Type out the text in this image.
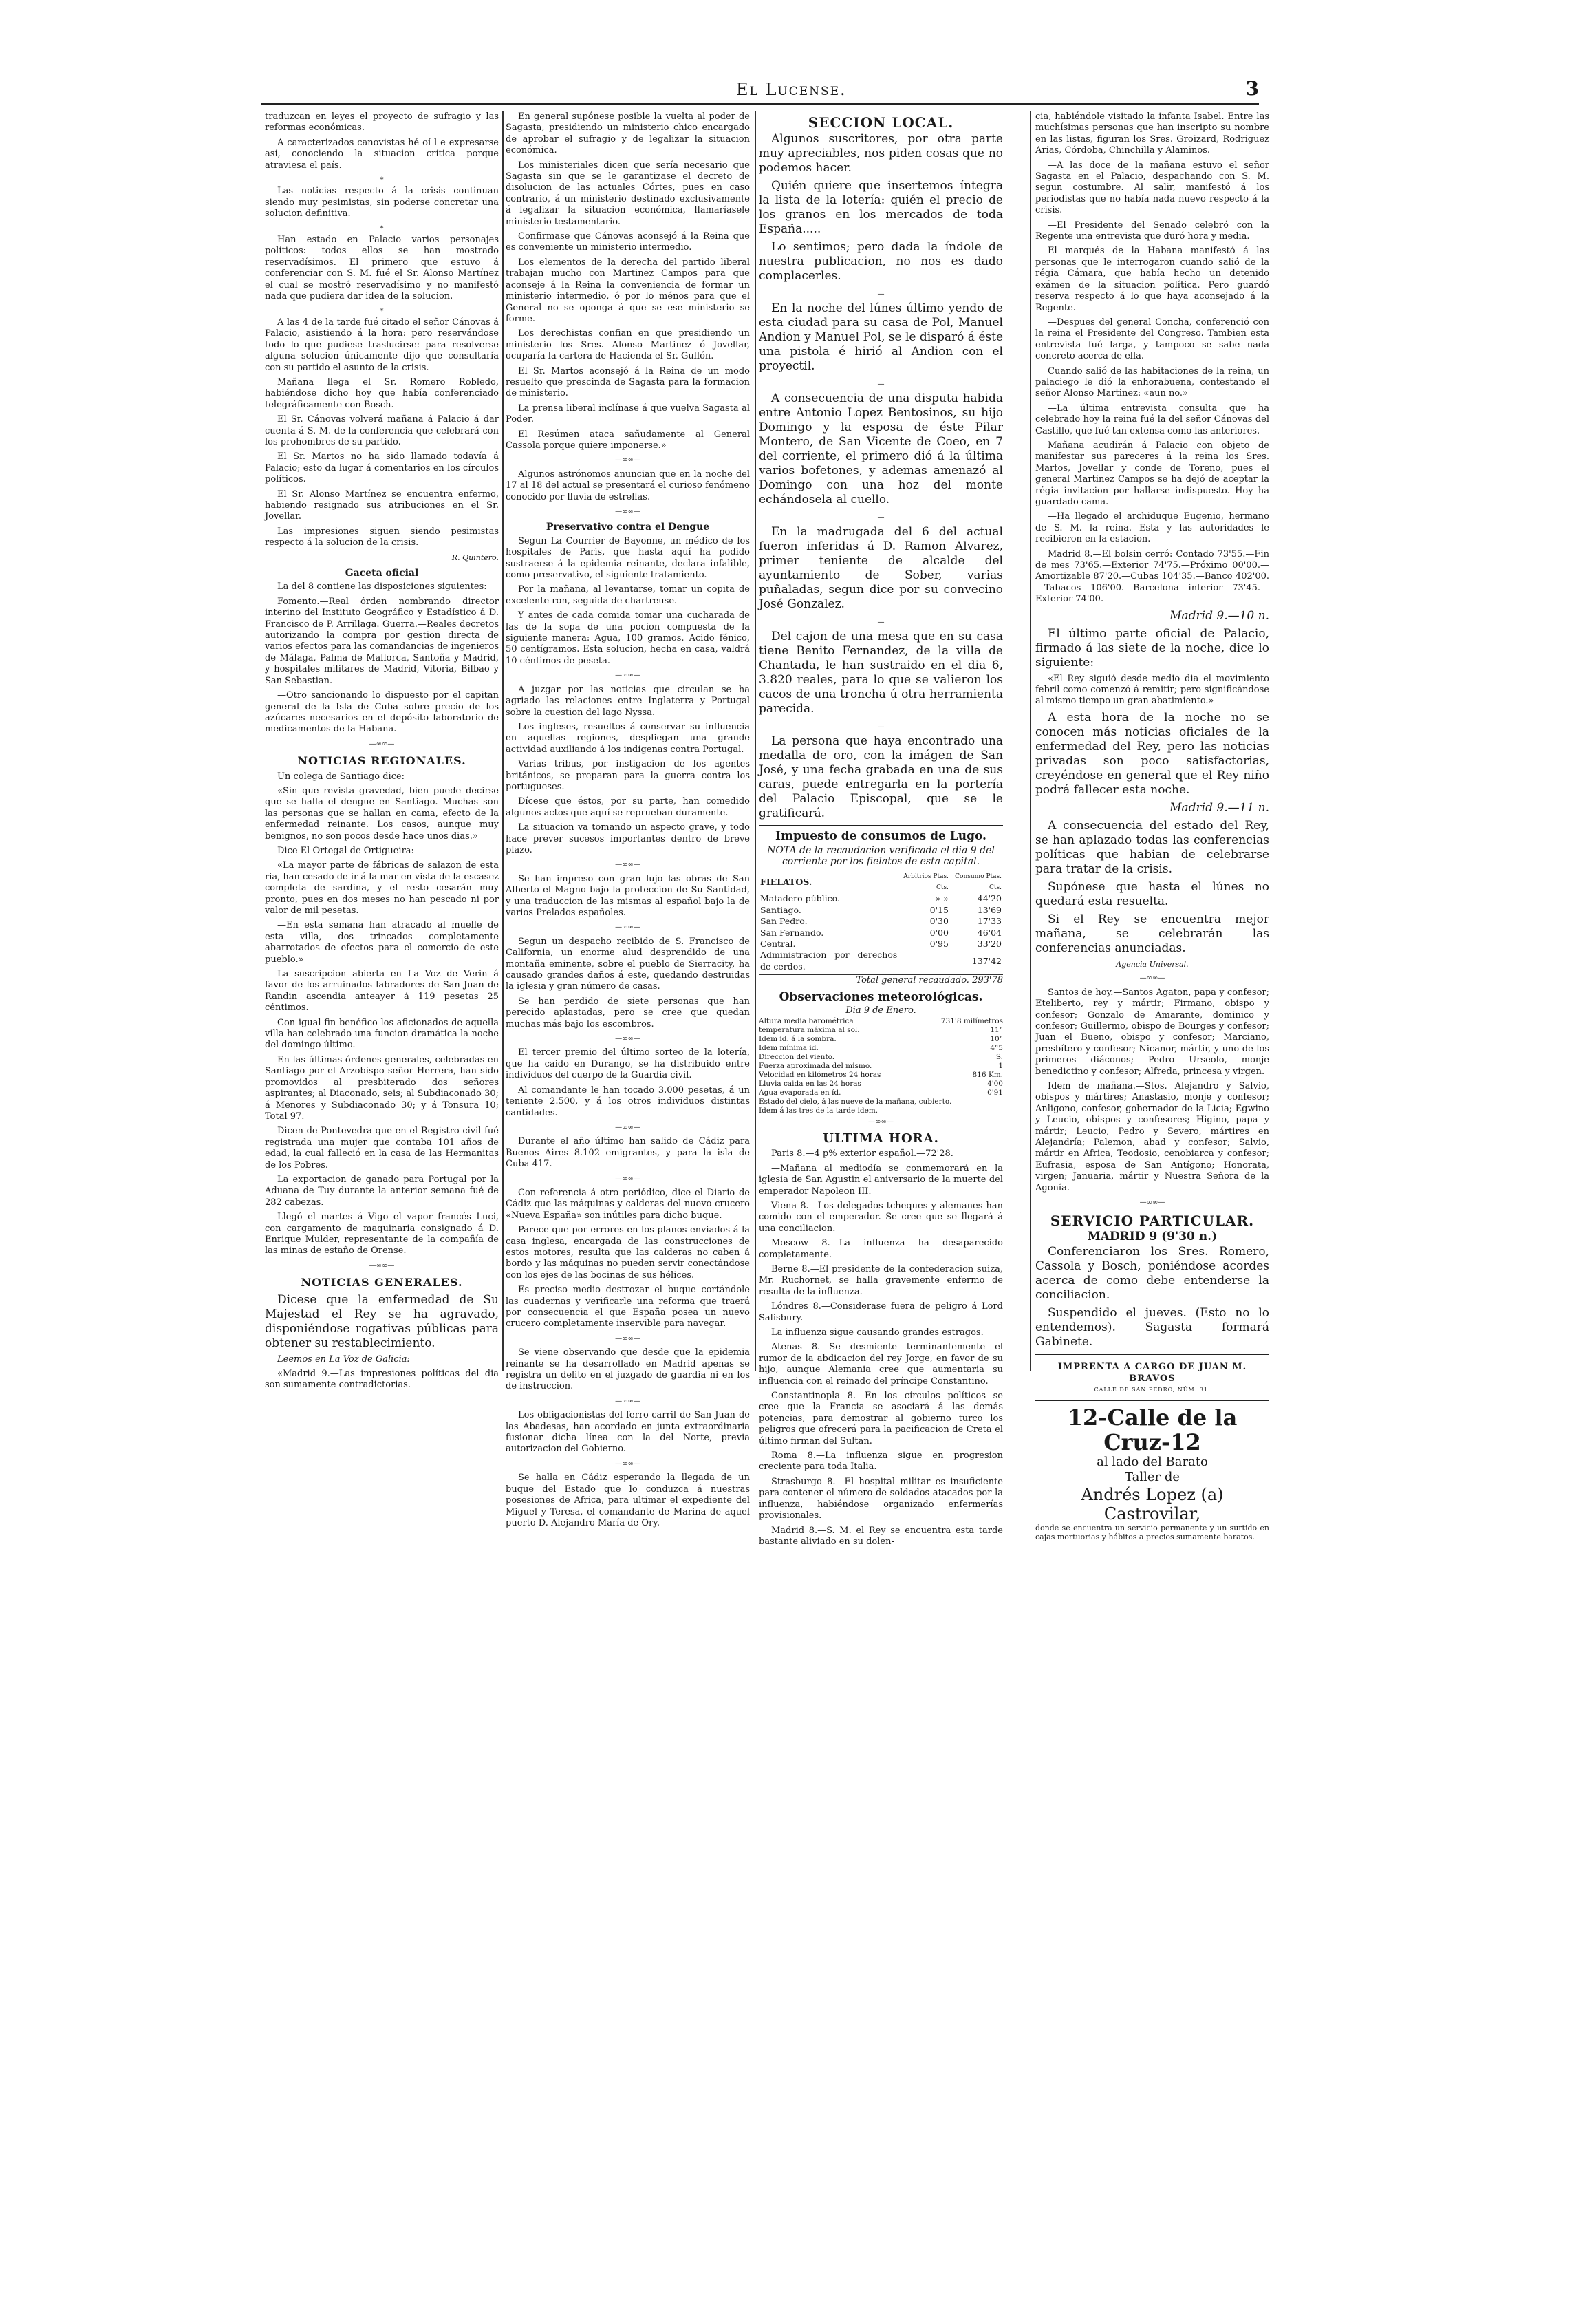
El Lucense.	3

traduzcan en leyes el proyecto de sufragio y las reformas económicas.

A caracterizados canovistas hé oí l e expresarse así, conociendo la situacion crítica porque atraviesa el país.

*

Las noticias respecto á la crisis continuan siendo muy pesimistas, sin poderse concretar una solucion definitiva.

*

Han estado en Palacio varios personajes políticos: todos ellos se han mostrado reservadísimos. El primero que estuvo á conferenciar con S. M. fué el Sr. Alonso Martínez el cual se mostró reservadísimo y no manifestó nada que pudiera dar idea de la solucion.

*

A las 4 de la tarde fué citado el señor Cánovas á Palacio, asistiendo á la hora: pero reservándose todo lo que pudiese traslucirse: para resolverse alguna solucion únicamente dijo que consultaría con su partido el asunto de la crisis.

Mañana llega el Sr. Romero Robledo, habiéndose dicho hoy que había conferenciado telegráficamente con Bosch.

El Sr. Cánovas volverá mañana á Palacio á dar cuenta á S. M. de la conferencia que celebrará con los prohombres de su partido.

El Sr. Martos no ha sido llamado todavía á Palacio; esto da lugar á comentarios en los círculos políticos.

El Sr. Alonso Martínez se encuentra enfermo, habiendo resignado sus atribuciones en el Sr. Jovellar.

Las impresiones siguen siendo pesimistas respecto á la solucion de la crisis.

R. Quintero.
Gaceta oficial

La del 8 contiene las disposiciones siguientes:

Fomento.—Real órden nombrando director interino del Instituto Geográfico y Estadístico á D. Francisco de P. Arrillaga. Guerra.—Reales decretos autorizando la compra por gestion directa de varios efectos para las comandancias de ingenieros de Málaga, Palma de Mallorca, Santoña y Madrid, y hospitales militares de Madrid, Vitoria, Bilbao y San Sebastian.

—Otro sancionando lo dispuesto por el capitan general de la Isla de Cuba sobre precio de los azúcares necesarios en el depósito laboratorio de medicamentos de la Habana.

—∞∞—
NOTICIAS REGIONALES.

Un colega de Santiago dice:

«Sin que revista gravedad, bien puede decirse que se halla el dengue en Santiago. Muchas son las personas que se hallan en cama, efecto de la enfermedad reinante. Los casos, aunque muy benignos, no son pocos desde hace unos dias.»

Dice El Ortegal de Ortigueira:

«La mayor parte de fábricas de salazon de esta ria, han cesado de ir á la mar en vista de la escasez completa de sardina, y el resto cesarán muy pronto, pues en dos meses no han pescado ni por valor de mil pesetas.

—En esta semana han atracado al muelle de esta villa, dos trincados completamente abarrotados de efectos para el comercio de este pueblo.»

La suscripcion abierta en La Voz de Verin á favor de los arruinados labradores de San Juan de Randin ascendia anteayer á 119 pesetas 25 céntimos.

Con igual fin benéfico los aficionados de aquella villa han celebrado una funcion dramática la noche del domingo último.

En las últimas órdenes generales, celebradas en Santiago por el Arzobispo señor Herrera, han sido promovidos al presbiterado dos señores aspirantes; al Diaconado, seis; al Subdiaconado 30; á Menores y Subdiaconado 30; y á Tonsura 10; Total 97.

Dicen de Pontevedra que en el Registro civil fué registrada una mujer que contaba 101 años de edad, la cual falleció en la casa de las Hermanitas de los Pobres.

La exportacion de ganado para Portugal por la Aduana de Tuy durante la anterior semana fué de 282 cabezas.

Llegó el martes á Vigo el vapor francés Luci, con cargamento de maquinaria consignado á D. Enrique Mulder, representante de la compañía de las minas de estaño de Orense.

—∞∞—
NOTICIAS GENERALES.

Dicese que la enfermedad de Su Majestad el Rey se ha agravado, disponiéndose rogativas públicas para obtener su restablecimiento.

Leemos en La Voz de Galicia:

«Madrid 9.—Las impresiones políticas del dia son sumamente contradictorias.

En general supónese posible la vuelta al poder de Sagasta, presidiendo un ministerio chico encargado de aprobar el sufragio y de legalizar la situacion económica.

Los ministeriales dicen que sería necesario que Sagasta sin que se le garantizase el decreto de disolucion de las actuales Córtes, pues en caso contrario, á un ministerio destinado exclusivamente á legalizar la situacion económica, llamaríasele ministerio testamentario.

Confirmase que Cánovas aconsejó á la Reina que es conveniente un ministerio intermedio.

Los elementos de la derecha del partido liberal trabajan mucho con Martinez Campos para que aconseje á la Reina la conveniencia de formar un ministerio intermedio, ó por lo ménos para que el General no se oponga á que se ese ministerio se forme.

Los derechistas confian en que presidiendo un ministerio los Sres. Alonso Martinez ó Jovellar, ocuparía la cartera de Hacienda el Sr. Gullón.

El Sr. Martos aconsejó á la Reina de un modo resuelto que prescinda de Sagasta para la formacion de ministerio.

La prensa liberal inclínase á que vuelva Sagasta al Poder.

El Resúmen ataca sañudamente al General Cassola porque quiere imponerse.»

—∞∞—

Algunos astrónomos anuncian que en la noche del 17 al 18 del actual se presentará el curioso fenómeno conocido por lluvia de estrellas.

—∞∞—
Preservativo contra el Dengue

Segun La Courrier de Bayonne, un médico de los hospitales de Paris, que hasta aquí ha podido sustraerse á la epidemia reinante, declara infalible, como preservativo, el siguiente tratamiento.

Por la mañana, al levantarse, tomar un copita de excelente ron, seguida de chartreuse.

Y antes de cada comida tomar una cucharada de las de la sopa de una pocion compuesta de la siguiente manera: Agua, 100 gramos. Acido fénico, 50 centígramos. Esta solucion, hecha en casa, valdrá 10 céntimos de peseta.

—∞∞—

A juzgar por las noticias que circulan se ha agriado las relaciones entre Inglaterra y Portugal sobre la cuestion del lago Nyssa.

Los ingleses, resueltos á conservar su influencia en aquellas regiones, despliegan una grande actividad auxiliando á los indígenas contra Portugal.

Varias tribus, por instigacion de los agentes británicos, se preparan para la guerra contra los portugueses.

Dícese que éstos, por su parte, han comedido algunos actos que aquí se reprueban duramente.

La situacion va tomando un aspecto grave, y todo hace prever sucesos importantes dentro de breve plazo.

—∞∞—

Se han impreso con gran lujo las obras de San Alberto el Magno bajo la proteccion de Su Santidad, y una traduccion de las mismas al español bajo la de varios Prelados españoles.

—∞∞—

Segun un despacho recibido de S. Francisco de California, un enorme alud desprendido de una montaña eminente, sobre el pueblo de Sierracity, ha causado grandes daños á este, quedando destruidas la iglesia y gran número de casas.

Se han perdido de siete personas que han perecido aplastadas, pero se cree que quedan muchas más bajo los escombros.

—∞∞—

El tercer premio del último sorteo de la lotería, que ha caido en Durango, se ha distribuido entre individuos del cuerpo de la Guardia civil.

Al comandante le han tocado 3.000 pesetas, á un teniente 2.500, y á los otros individuos distintas cantidades.

—∞∞—

Durante el año último han salido de Cádiz para Buenos Aires 8.102 emigrantes, y para la isla de Cuba 417.

—∞∞—

Con referencia á otro periódico, dice el Diario de Cádiz que las máquinas y calderas del nuevo crucero «Nueva España» son inútiles para dicho buque.

Parece que por errores en los planos enviados á la casa inglesa, encargada de las construcciones de estos motores, resulta que las calderas no caben á bordo y las máquinas no pueden servir conectándose con los ejes de las bocinas de sus hélices.

Es preciso medio destrozar el buque cortándole las cuadernas y verificarle una reforma que traerá por consecuencia el que España posea un nuevo crucero completamente inservible para navegar.

—∞∞—

Se viene observando que desde que la epidemia reinante se ha desarrollado en Madrid apenas se registra un delito en el juzgado de guardia ni en los de instruccion.

—∞∞—

Los obligacionistas del ferro-carril de San Juan de las Abadesas, han acordado en junta extraordinaria fusionar dicha línea con la del Norte, previa autorizacion del Gobierno.

—∞∞—

Se halla en Cádiz esperando la llegada de un buque del Estado que lo conduzca á nuestras posesiones de Africa, para ultimar el expediente del Miguel y Teresa, el comandante de Marina de aquel puerto D. Alejandro María de Ory.

SECCION LOCAL.

Algunos suscritores, por otra parte muy apreciables, nos piden cosas que no podemos hacer.

Quién quiere que insertemos íntegra la lista de la lotería: quién el precio de los granos en los mercados de toda España.....

Lo sentimos; pero dada la índole de nuestra publicacion, no nos es dado complacerles.

—

En la noche del lúnes último yendo de esta ciudad para su casa de Pol, Manuel Andion y Manuel Pol, se le disparó á éste una pistola é hirió al Andion con el proyectil.

—

A consecuencia de una disputa habida entre Antonio Lopez Bentosinos, su hijo Domingo y la esposa de éste Pilar Montero, de San Vicente de Coeo, en 7 del corriente, el primero dió á la última varios bofetones, y ademas amenazó al Domingo con una hoz del monte echándosela al cuello.

—

En la madrugada del 6 del actual fueron inferidas á D. Ramon Alvarez, primer teniente de alcalde del ayuntamiento de Sober, varias puñaladas, segun dice por su convecino José Gonzalez.

—

Del cajon de una mesa que en su casa tiene Benito Fernandez, de la villa de Chantada, le han sustraido en el dia 6, 3.820 reales, para lo que se valieron los cacos de una troncha ú otra herramienta parecida.

—

La persona que haya encontrado una medalla de oro, con la imágen de San José, y una fecha grabada en una de sus caras, puede entregarla en la portería del Palacio Episcopal, que se le gratificará.

Impuesto de consumos de Lugo.

NOTA de la recaudacion verificada el dia 9 del corriente por los fielatos de esta capital.

FIELATOS.	Arbitrios Ptas. Cts.	Consumo Ptas. Cts.
Matadero público.	» »	44'20
Santiago.	0'15	13'69
San Pedro.	0'30	17'33
San Fernando.	0'00	46'04
Central.	0'95	33'20
Administracion por derechos de cerdos.		137'42
Total general recaudado. 293'78
Observaciones meteorológicas.
Dia 9 de Enero.
Altura media barométrica	731'8 milímetros
temperatura máxima al sol.	11°
Idem id. á la sombra.	10°
Idem mínima id.	4°5
Direccion del viento.	S.
Fuerza aproximada del mismo.	1
Velocidad en kilómetros 24 horas	816 Km.
Lluvia caida en las 24 horas	4'00
Agua evaporada en íd.	0'91
Estado del cielo, á las nueve de la mañana, cubierto.
Idem á las tres de la tarde idem.
—∞∞—
ULTIMA HORA.

Paris 8.—4 p% exterior español.—72'28.

—Mañana al mediodía se conmemorará en la iglesia de San Agustin el aniversario de la muerte del emperador Napoleon III.

Viena 8.—Los delegados tcheques y alemanes han comido con el emperador. Se cree que se llegará á una conciliacion.

Moscow 8.—La influenza ha desaparecido completamente.

Berne 8.—El presidente de la confederacion suiza, Mr. Ruchornet, se halla gravemente enfermo de resulta de la influenza.

Lóndres 8.—Considerase fuera de peligro á Lord Salisbury.

La influenza sigue causando grandes estragos.

Atenas 8.—Se desmiente terminantemente el rumor de la abdicacion del rey Jorge, en favor de su hijo, aunque Alemania cree que aumentaria su influencia con el reinado del príncipe Constantino.

Constantinopla 8.—En los círculos políticos se cree que la Francia se asociará á las demás potencias, para demostrar al gobierno turco los peligros que ofrecerá para la pacificacion de Creta el último firman del Sultan.

Roma 8.—La influenza sigue en progresion creciente para toda Italia.

Strasburgo 8.—El hospital militar es insuficiente para contener el número de soldados atacados por la influenza, habiéndose organizado enfermerías provisionales.

Madrid 8.—S. M. el Rey se encuentra esta tarde bastante aliviado en su dolen-

cia, habiéndole visitado la infanta Isabel. Entre las muchísimas personas que han inscripto su nombre en las listas, figuran los Sres. Groizard, Rodriguez Arias, Córdoba, Chinchilla y Alaminos.

—A las doce de la mañana estuvo el señor Sagasta en el Palacio, despachando con S. M. segun costumbre. Al salir, manifestó á los periodistas que no había nada nuevo respecto á la crisis.

—El Presidente del Senado celebró con la Regente una entrevista que duró hora y media.

El marqués de la Habana manifestó á las personas que le interrogaron cuando salió de la régia Cámara, que había hecho un detenido exámen de la situacion política. Pero guardó reserva respecto á lo que haya aconsejado á la Regente.

—Despues del general Concha, conferenció con la reina el Presidente del Congreso. Tambien esta entrevista fué larga, y tampoco se sabe nada concreto acerca de ella.

Cuando salió de las habitaciones de la reina, un palaciego le dió la enhorabuena, contestando el señor Alonso Martinez: «aun no.»

—La última entrevista consulta que ha celebrado hoy la reina fué la del señor Cánovas del Castillo, que fué tan extensa como las anteriores.

Mañana acudirán á Palacio con objeto de manifestar sus pareceres á la reina los Sres. Martos, Jovellar y conde de Toreno, pues el general Martinez Campos se ha dejó de aceptar la régia invitacion por hallarse indispuesto. Hoy ha guardado cama.

—Ha llegado el archiduque Eugenio, hermano de S. M. la reina. Esta y las autoridades le recibieron en la estacion.

Madrid 8.—El bolsin cerró: Contado 73'55.—Fin de mes 73'65.—Exterior 74'75.—Próximo 00'00.—Amortizable 87'20.—Cubas 104'35.—Banco 402'00.—Tabacos 106'00.—Barcelona interior 73'45.—Exterior 74'00.

Madrid 9.—10 n.

El último parte oficial de Palacio, firmado á las siete de la noche, dice lo siguiente:

«El Rey siguió desde medio dia el movimiento febril como comenzó á remitir; pero significándose al mismo tiempo un gran abatimiento.»

A esta hora de la noche no se conocen más noticias oficiales de la enfermedad del Rey, pero las noticias privadas son poco satisfactorias, creyéndose en general que el Rey niño podrá fallecer esta noche.

Madrid 9.—11 n.

A consecuencia del estado del Rey, se han aplazado todas las conferencias políticas que habian de celebrarse para tratar de la crisis.

Supónese que hasta el lúnes no quedará esta resuelta.

Si el Rey se encuentra mejor mañana, se celebrarán las conferencias anunciadas.

Agencia Universal.
—∞∞—

Santos de hoy.—Santos Agaton, papa y confesor; Eteliberto, rey y mártir; Firmano, obispo y confesor; Gonzalo de Amarante, dominico y confesor; Guillermo, obispo de Bourges y confesor; Juan el Bueno, obispo y confesor; Marciano, presbítero y confesor; Nicanor, mártir, y uno de los primeros diáconos; Pedro Urseolo, monje benedictino y confesor; Alfreda, princesa y virgen.

Idem de mañana.—Stos. Alejandro y Salvio, obispos y mártires; Anastasio, monje y confesor; Anligono, confesor, gobernador de la Licia; Egwino y Leucio, obispos y confesores; Higino, papa y mártir; Leucio, Pedro y Severo, mártires en Alejandría; Palemon, abad y confesor; Salvio, mártir en Africa, Teodosio, cenobiarca y confesor; Eufrasia, esposa de San Antígono; Honorata, virgen; Januaria, mártir y Nuestra Señora de la Agonía.

—∞∞—
SERVICIO PARTICULAR.
MADRID 9 (9'30 n.)

Conferenciaron los Sres. Romero, Cassola y Bosch, poniéndose acordes acerca de como debe entenderse la conciliacion.

Suspendido el jueves. (Esto no lo entendemos). Sagasta formará Gabinete.

IMPRENTA A CARGO DE JUAN M. BRAVOS
CALLE DE SAN PEDRO, NÚM. 31.
12-Calle de la Cruz-12
al lado del Barato
Taller de
Andrés Lopez (a) Castrovilar,
donde se encuentra un servicio permanente y un surtido en cajas mortuorias y hábitos a precios sumamente baratos.
